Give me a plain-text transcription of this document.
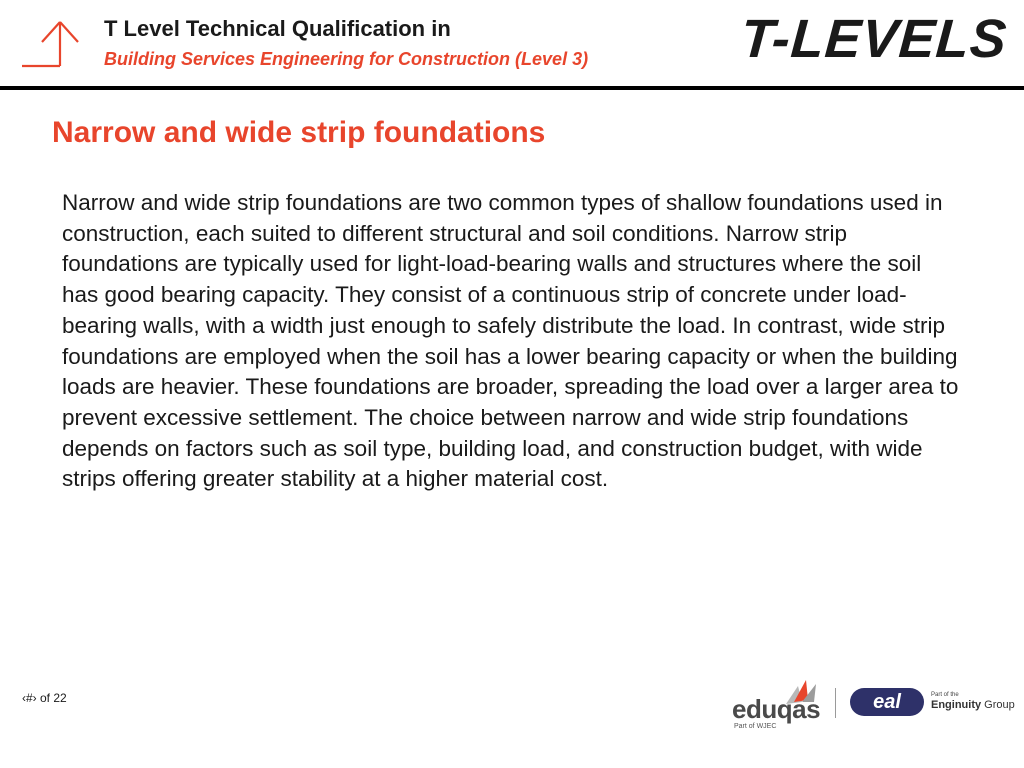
T Level Technical Qualification in
Building Services Engineering for Construction (Level 3)	T-LEVELS
Narrow and wide strip foundations

Narrow and wide strip foundations are two common types of shallow foundations used in construction, each suited to different structural and soil conditions. Narrow strip foundations are typically used for light-load-bearing walls and structures where the soil has good bearing capacity. They consist of a continuous strip of concrete under load-bearing walls, with a width just enough to safely distribute the load. In contrast, wide strip foundations are employed when the soil has a lower bearing capacity or when the building loads are heavier. These foundations are broader, spreading the load over a larger area to prevent excessive settlement. The choice between narrow and wide strip foundations depends on factors such as soil type, building load, and construction budget, with wide strips offering greater stability at a higher material cost.

‹#› of 22	eduqas
Part of WJEC
eal	Part of the
Enginuity Group
